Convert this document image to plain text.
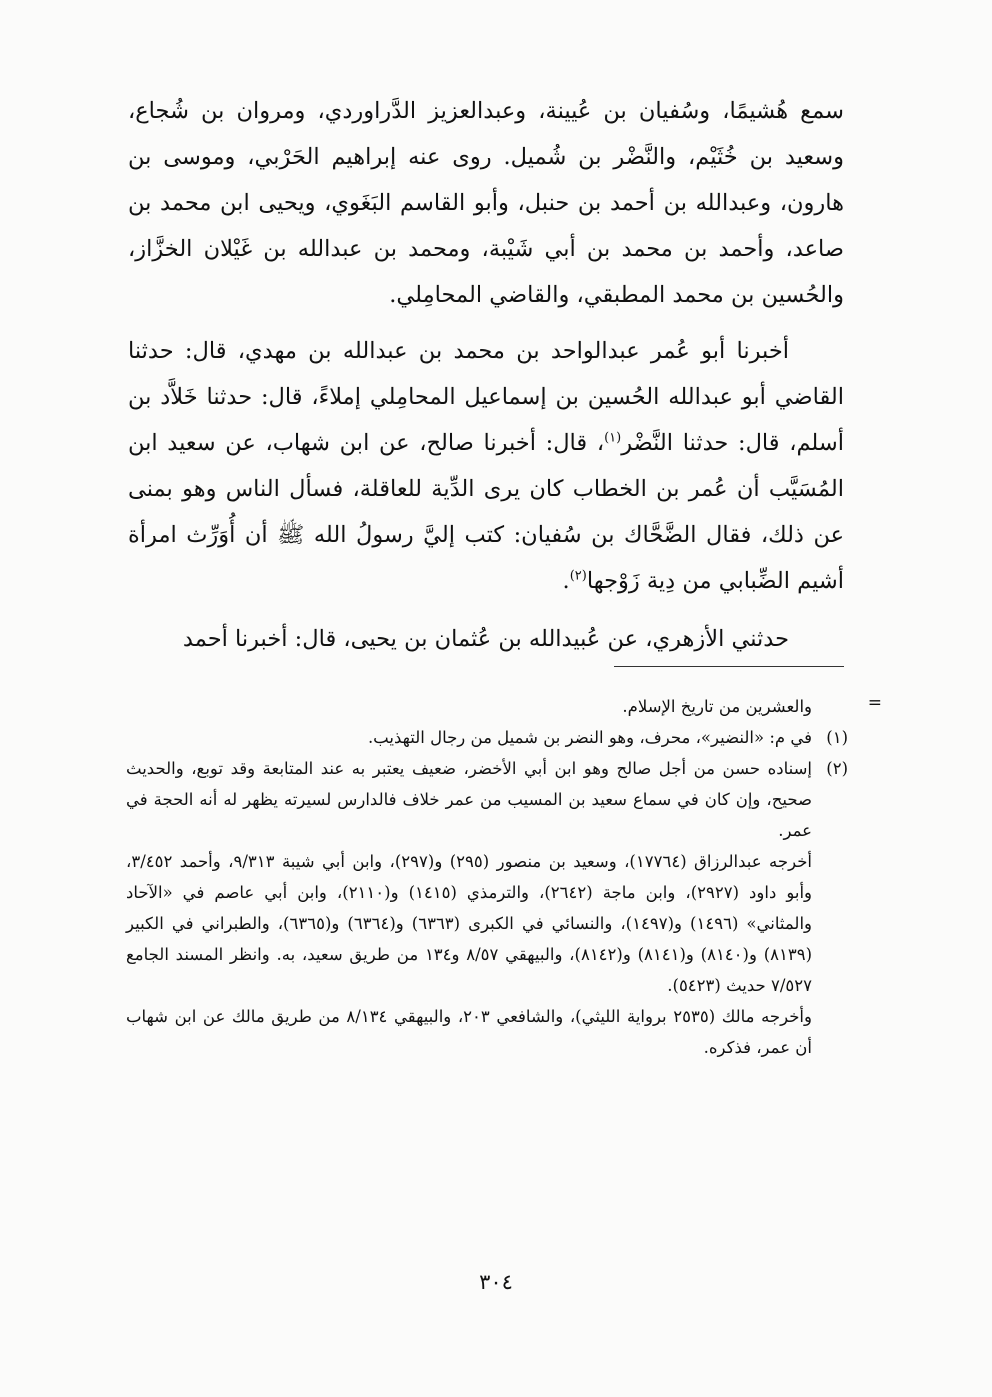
سمع هُشيمًا، وسُفيان بن عُيينة، وعبدالعزيز الدَّراوردي، ومروان بن شُجاع، وسعيد بن خُثَيْم، والنَّضْر بن شُميل. روى عنه إبراهيم الحَرْبي، وموسى بن هارون، وعبدالله بن أحمد بن حنبل، وأبو القاسم البَغَوي، ويحيى ابن محمد بن صاعد، وأحمد بن محمد بن أبي شَيْبة، ومحمد بن عبدالله بن غَيْلان الخزَّاز، والحُسين بن محمد المطبقي، والقاضي المحامِلي.

أخبرنا أبو عُمر عبدالواحد بن محمد بن عبدالله بن مهدي، قال: حدثنا القاضي أبو عبدالله الحُسين بن إسماعيل المحامِلي إملاءً، قال: حدثنا خَلاَّد بن أسلم، قال: حدثنا النَّضْر$^{(١)}$، قال: أخبرنا صالح، عن ابن شهاب، عن سعيد ابن المُسَيَّب أن عُمر بن الخطاب كان يرى الدِّية للعاقلة، فسأل الناس وهو بمنى عن ذلك، فقال الضَّحَّاك بن سُفيان: كتب إليَّ رسولُ الله ﷺ أن أُوَرِّث امرأة أشيم الضِّبابي من دِية زَوْجها$^{(٢)}$.

حدثني الأزهري، عن عُبيدالله بن عُثمان بن يحيى، قال: أخبرنا أحمد

=
والعشرين من تاريخ الإسلام.
(١)
في م: «النضير»، محرف، وهو النضر بن شميل من رجال التهذيب.
(٢)
إسناده حسن من أجل صالح وهو ابن أبي الأخضر، ضعيف يعتبر به عند المتابعة وقد توبع، والحديث صحيح، وإن كان في سماع سعيد بن المسيب من عمر خلاف فالدارس لسيرته يظهر له أنه الحجة في عمر.
أخرجه عبدالرزاق (١٧٧٦٤)، وسعيد بن منصور (٢٩٥) و(٢٩٧)، وابن أبي شيبة ٩/٣١٣، وأحمد ٣/٤٥٢، وأبو داود (٢٩٢٧)، وابن ماجة (٢٦٤٢)، والترمذي (١٤١٥) و(٢١١٠)، وابن أبي عاصم في «الآحاد والمثاني» (١٤٩٦) و(١٤٩٧)، والنسائي في الكبرى (٦٣٦٣) و(٦٣٦٤) و(٦٣٦٥)، والطبراني في الكبير (٨١٣٩) و(٨١٤٠) و(٨١٤١) و(٨١٤٢)، والبيهقي ٨/٥٧ و١٣٤ من طريق سعيد، به. وانظر المسند الجامع ٧/٥٢٧ حديث (٥٤٢٣).
وأخرجه مالك (٢٥٣٥ برواية الليثي)، والشافعي ٢٠٣، والبيهقي ٨/١٣٤ من طريق مالك عن ابن شهاب أن عمر، فذكره.
٣٠٤
